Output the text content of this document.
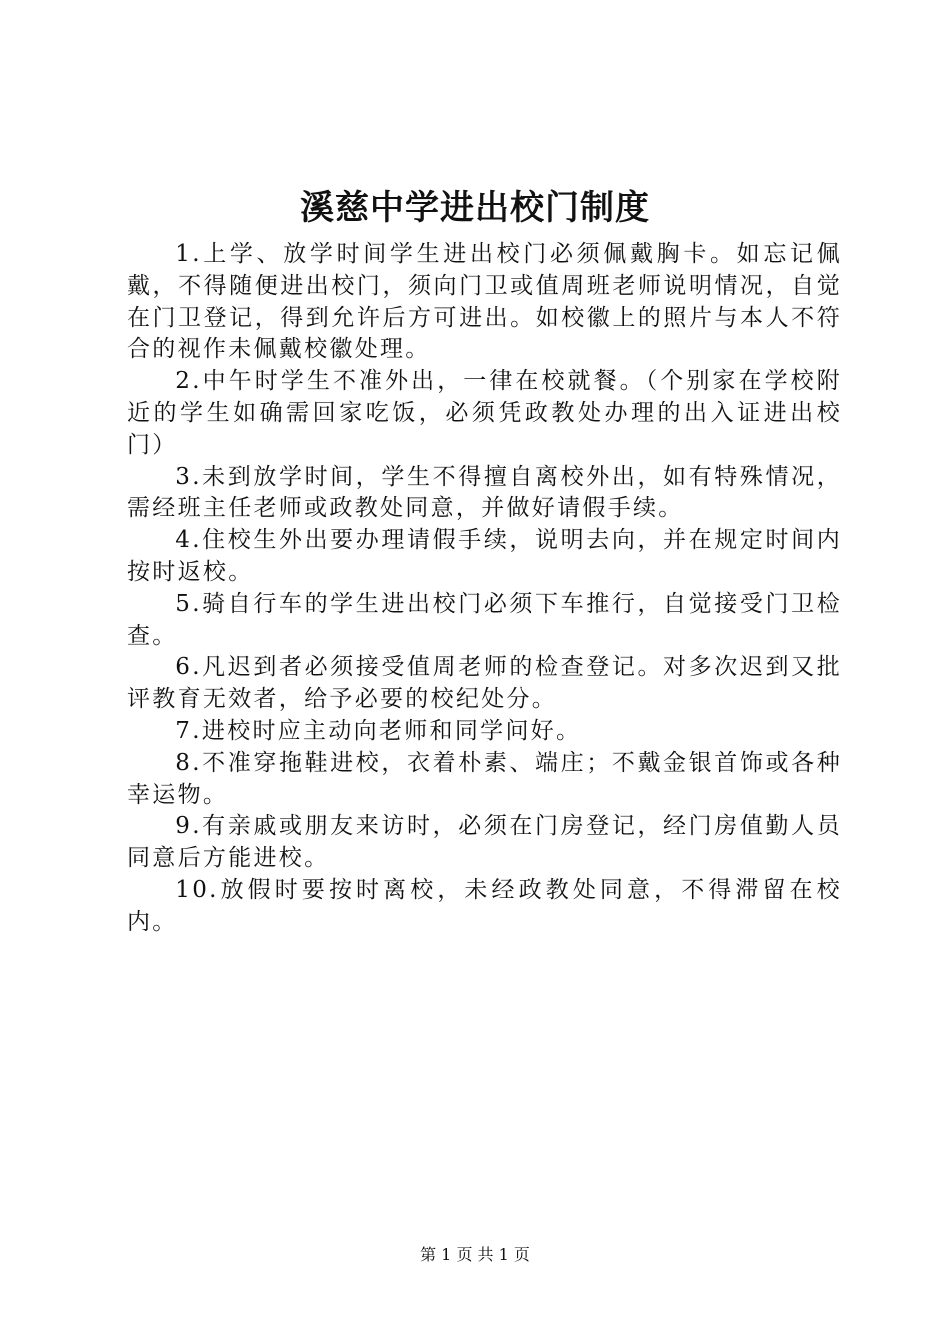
溪慈中学进出校门制度

1.上学、放学时间学生进出校门必须佩戴胸卡。如忘记佩戴，不得随便进出校门，须向门卫或值周班老师说明情况，自觉在门卫登记，得到允许后方可进出。如校徽上的照片与本人不符合的视作未佩戴校徽处理。

2.中午时学生不准外出，一律在校就餐。（个别家在学校附近的学生如确需回家吃饭，必须凭政教处办理的出入证进出校门）

3.未到放学时间，学生不得擅自离校外出，如有特殊情况，需经班主任老师或政教处同意，并做好请假手续。

4.住校生外出要办理请假手续，说明去向，并在规定时间内按时返校。

5.骑自行车的学生进出校门必须下车推行，自觉接受门卫检查。

6.凡迟到者必须接受值周老师的检查登记。对多次迟到又批评教育无效者，给予必要的校纪处分。

7.进校时应主动向老师和同学问好。

8.不准穿拖鞋进校，衣着朴素、端庄；不戴金银首饰或各种幸运物。

9.有亲戚或朋友来访时，必须在门房登记，经门房值勤人员同意后方能进校。

10.放假时要按时离校，未经政教处同意，不得滞留在校内。

第 1 页 共 1 页
